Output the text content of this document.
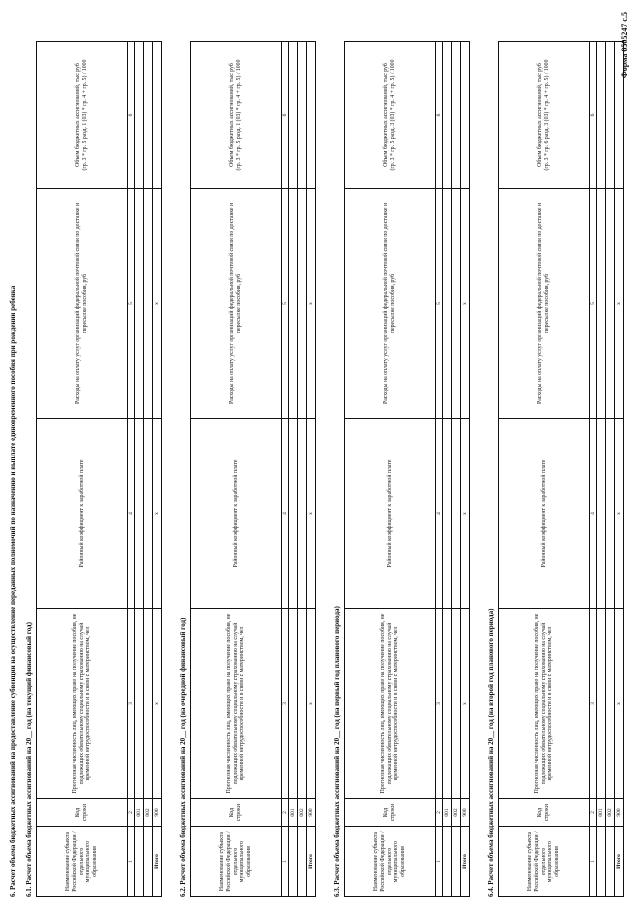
Форма 0505247 с.5
6. Расчет объема бюджетных ассигнований на предоставление субвенции на осуществление переданных полномочий по назначению и выплате единовременного пособия при рождении ребенка 6.1. Расчет объема бюджетных ассигнований на 20__ год (на текущий финансовый год)	Наименование субъекта Российской Федерации / отдельного муниципального образования	Код строки	Прогнозная численность лиц, имеющих право на получение пособия, не подлежащих обязательному социальному страхованию на случай временной нетрудоспособности и в связи с материнством, чел	Районный коэффициент к заработной плате	Расходы на оплату услуг организаций федеральной почтовой связи по доставке и пересылке пособия, руб	Объем бюджетных ассигнований, тыс руб (гр. 3 * гр. 5 разд. 1 (03) * гр. 4 + гр. 5) / 1000

1	2	3	4	5	6
	001				
	002				
Итого	900	x	x	x	
6.2. Расчет объема бюджетных ассигнований на 20__ год (на очередной финансовый год)	Наименование субъекта Российской Федерации / отдельного муниципального образования	Код строки	Прогнозная численность лиц, имеющих право на получение пособия, не подлежащих обязательному социальному страхованию на случай временной нетрудоспособности и в связи с материнством, чел	Районный коэффициент к заработной плате	Расходы на оплату услуг организаций федеральной почтовой связи по доставке и пересылке пособия, руб	Объем бюджетных ассигнований, тыс руб (гр. 3 * гр. 5 разд. 1 (03) * гр. 4 + гр. 5) / 1000

1	2	3	4	5	6
	001				
	002				
Итого	900	x	x	x	
6.3. Расчет объема бюджетных ассигнований на 20__ год (на первый год планового периода)	Наименование субъекта Российской Федерации / отдельного муниципального образования	Код строки	Прогнозная численность лиц, имеющих право на получение пособия, не подлежащих обязательному социальному страхованию на случай временной нетрудоспособности и в связи с материнством, чел	Районный коэффициент к заработной плате	Расходы на оплату услуг организаций федеральной почтовой связи по доставке и пересылке пособия, руб	Объем бюджетных ассигнований, тыс руб (гр. 3 * гр. 5 разд. 3 (03) * гр. 4 + гр. 5) / 1000

1	2	3	4	5	6
	001				
	002				
Итого	900	x	x	x	
6.4. Расчет объема бюджетных ассигнований на 20__ год (на второй год планового периода)	Наименование субъекта Российской Федерации / отдельного муниципального образования	Код строки	Прогнозная численность лиц, имеющих право на получение пособия, не подлежащих обязательному социальному страхованию на случай временной нетрудоспособности и в связи с материнством, чел	Районный коэффициент к заработной плате	Расходы на оплату услуг организаций федеральной почтовой связи по доставке и пересылке пособия, руб	Объем бюджетных ассигнований, тыс руб (гр. 3 * гр. 6 разд. 3 (03) * гр. 4 + гр. 5) / 1000

1	2	3	4	5	6
	001				
	002				
Итого	900	x	x	x	
